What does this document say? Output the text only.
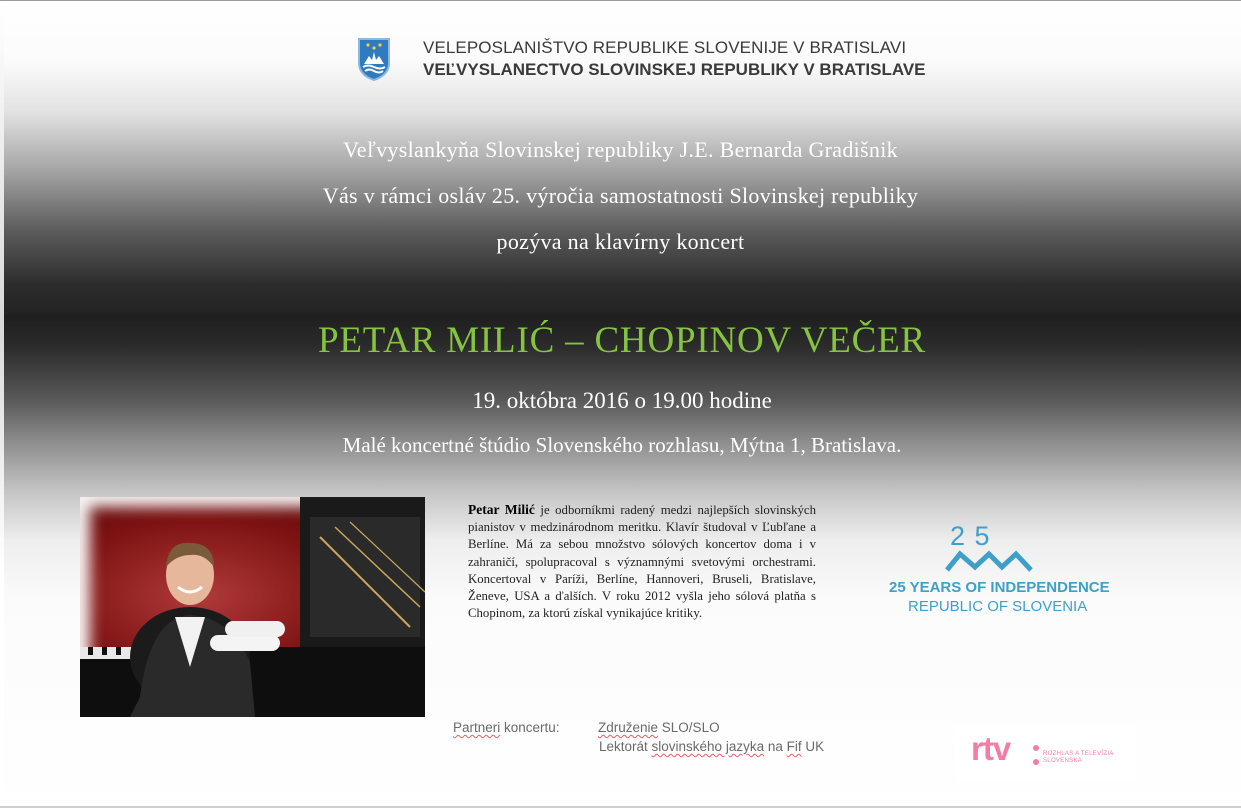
VELEPOSLANIŠTVO REPUBLIKE SLOVENIJE V BRATISLAVI
VEĽVYSLANECTVO SLOVINSKEJ REPUBLIKY V BRATISLAVE
Veľvyslankyňa Slovinskej republiky J.E. Bernarda Gradišnik
Vás v rámci osláv 25. výročia samostatnosti Slovinskej republiky
pozýva na klavírny koncert
PETAR MILIĆ – CHOPINOV VEČER
19. októbra 2016 o 19.00 hodine
Malé koncertné štúdio Slovenského rozhlasu, Mýtna 1, Bratislava.
Petar Milić je odborníkmi radený medzi najlepších slovinských pianistov v medzinárodnom meritku. Klavír študoval v Ľubľane a Berlíne. Má za sebou množstvo sólových koncertov doma i v zahraničí, spolupracoval s významnými svetovými orchestrami. Koncertoval v Paríži, Berlíne, Hannoveri, Bruseli, Bratislave, Ženeve, USA a ďalších. V roku 2012 vyšla jeho sólová platňa s Chopinom, za ktorú získal vynikajúce kritiky.
2 5
25 YEARS OF INDEPENDENCE
REPUBLIC OF SLOVENIA
Partneri koncertu:	Združenie SLO/SLO
Lektorát slovinského jazyka na Fif UK	rtv	ROZHLAS A TELEVÍZIA
SLOVENSKA
